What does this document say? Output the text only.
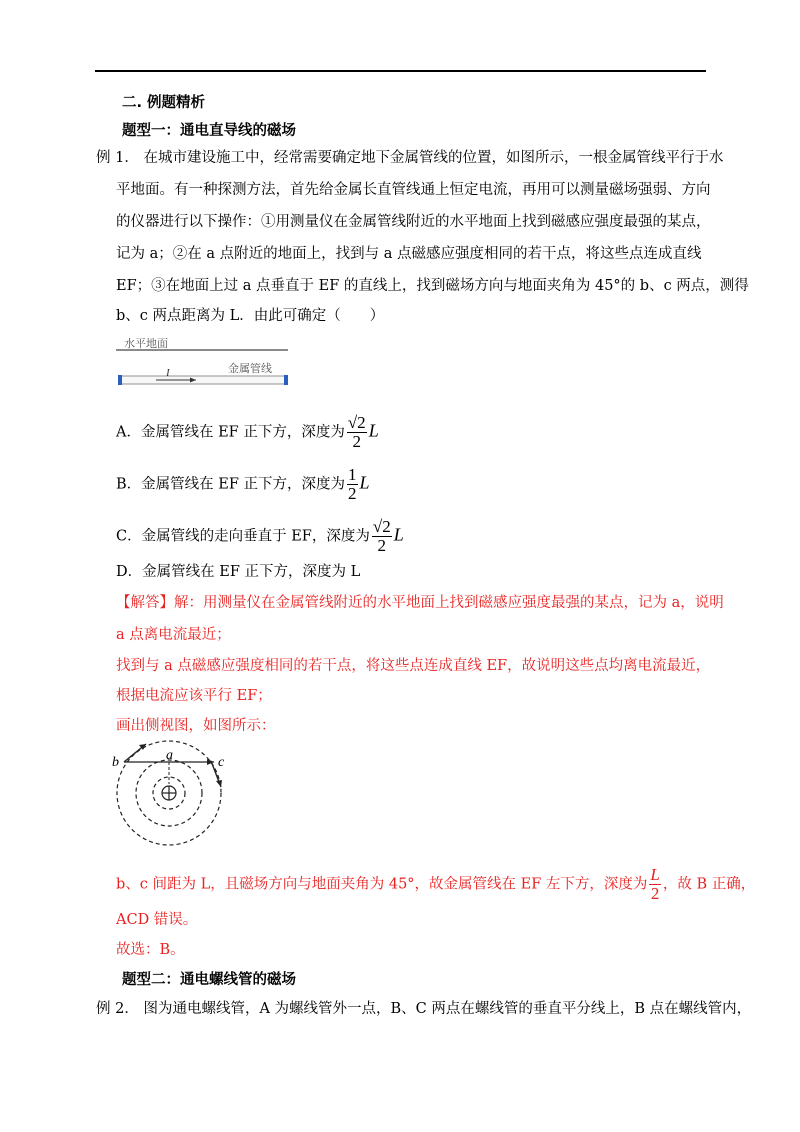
二. 例题精析
题型一：通电直导线的磁场
例 1． 在城市建设施工中，经常需要确定地下金属管线的位置，如图所示，一根金属管线平行于水
平地面。有一种探测方法，首先给金属长直管线通上恒定电流，再用可以测量磁场强弱、方向
的仪器进行以下操作：①用测量仪在金属管线附近的水平地面上找到磁感应强度最强的某点，
记为 a；②在 a 点附近的地面上，找到与 a 点磁感应强度相同的若干点，将这些点连成直线
EF；③在地面上过 a 点垂直于 EF 的直线上，找到磁场方向与地面夹角为 45°的 b、c 两点，测得
b、c 两点距离为 L．由此可确定（　　）
水平地面
金属管线
I
A．金属管线在 EF 正下方，深度为 $\frac{√2}{2}$ L
B．金属管线在 EF 正下方，深度为 $\frac{1}{2}$ L
C．金属管线的走向垂直于 EF，深度为 $\frac{√2}{2}$ L
D．金属管线在 EF 正下方，深度为 L
【解答】解：用测量仪在金属管线附近的水平地面上找到磁感应强度最强的某点，记为 a，说明
a 点离电流最近；
找到与 a 点磁感应强度相同的若干点，将这些点连成直线 EF，故说明这些点均离电流最近，
根据电流应该平行 EF；
画出侧视图，如图所示：
b	a	c
b、c 间距为 L，且磁场方向与地面夹角为 45°，故金属管线在 EF 左下方，深度为 $\frac{L}{2}$ ，故 B 正确，
ACD 错误。
故选：B。
题型二：通电螺线管的磁场
例 2． 图为通电螺线管，A 为螺线管外一点，B、C 两点在螺线管的垂直平分线上，B 点在螺线管内，
